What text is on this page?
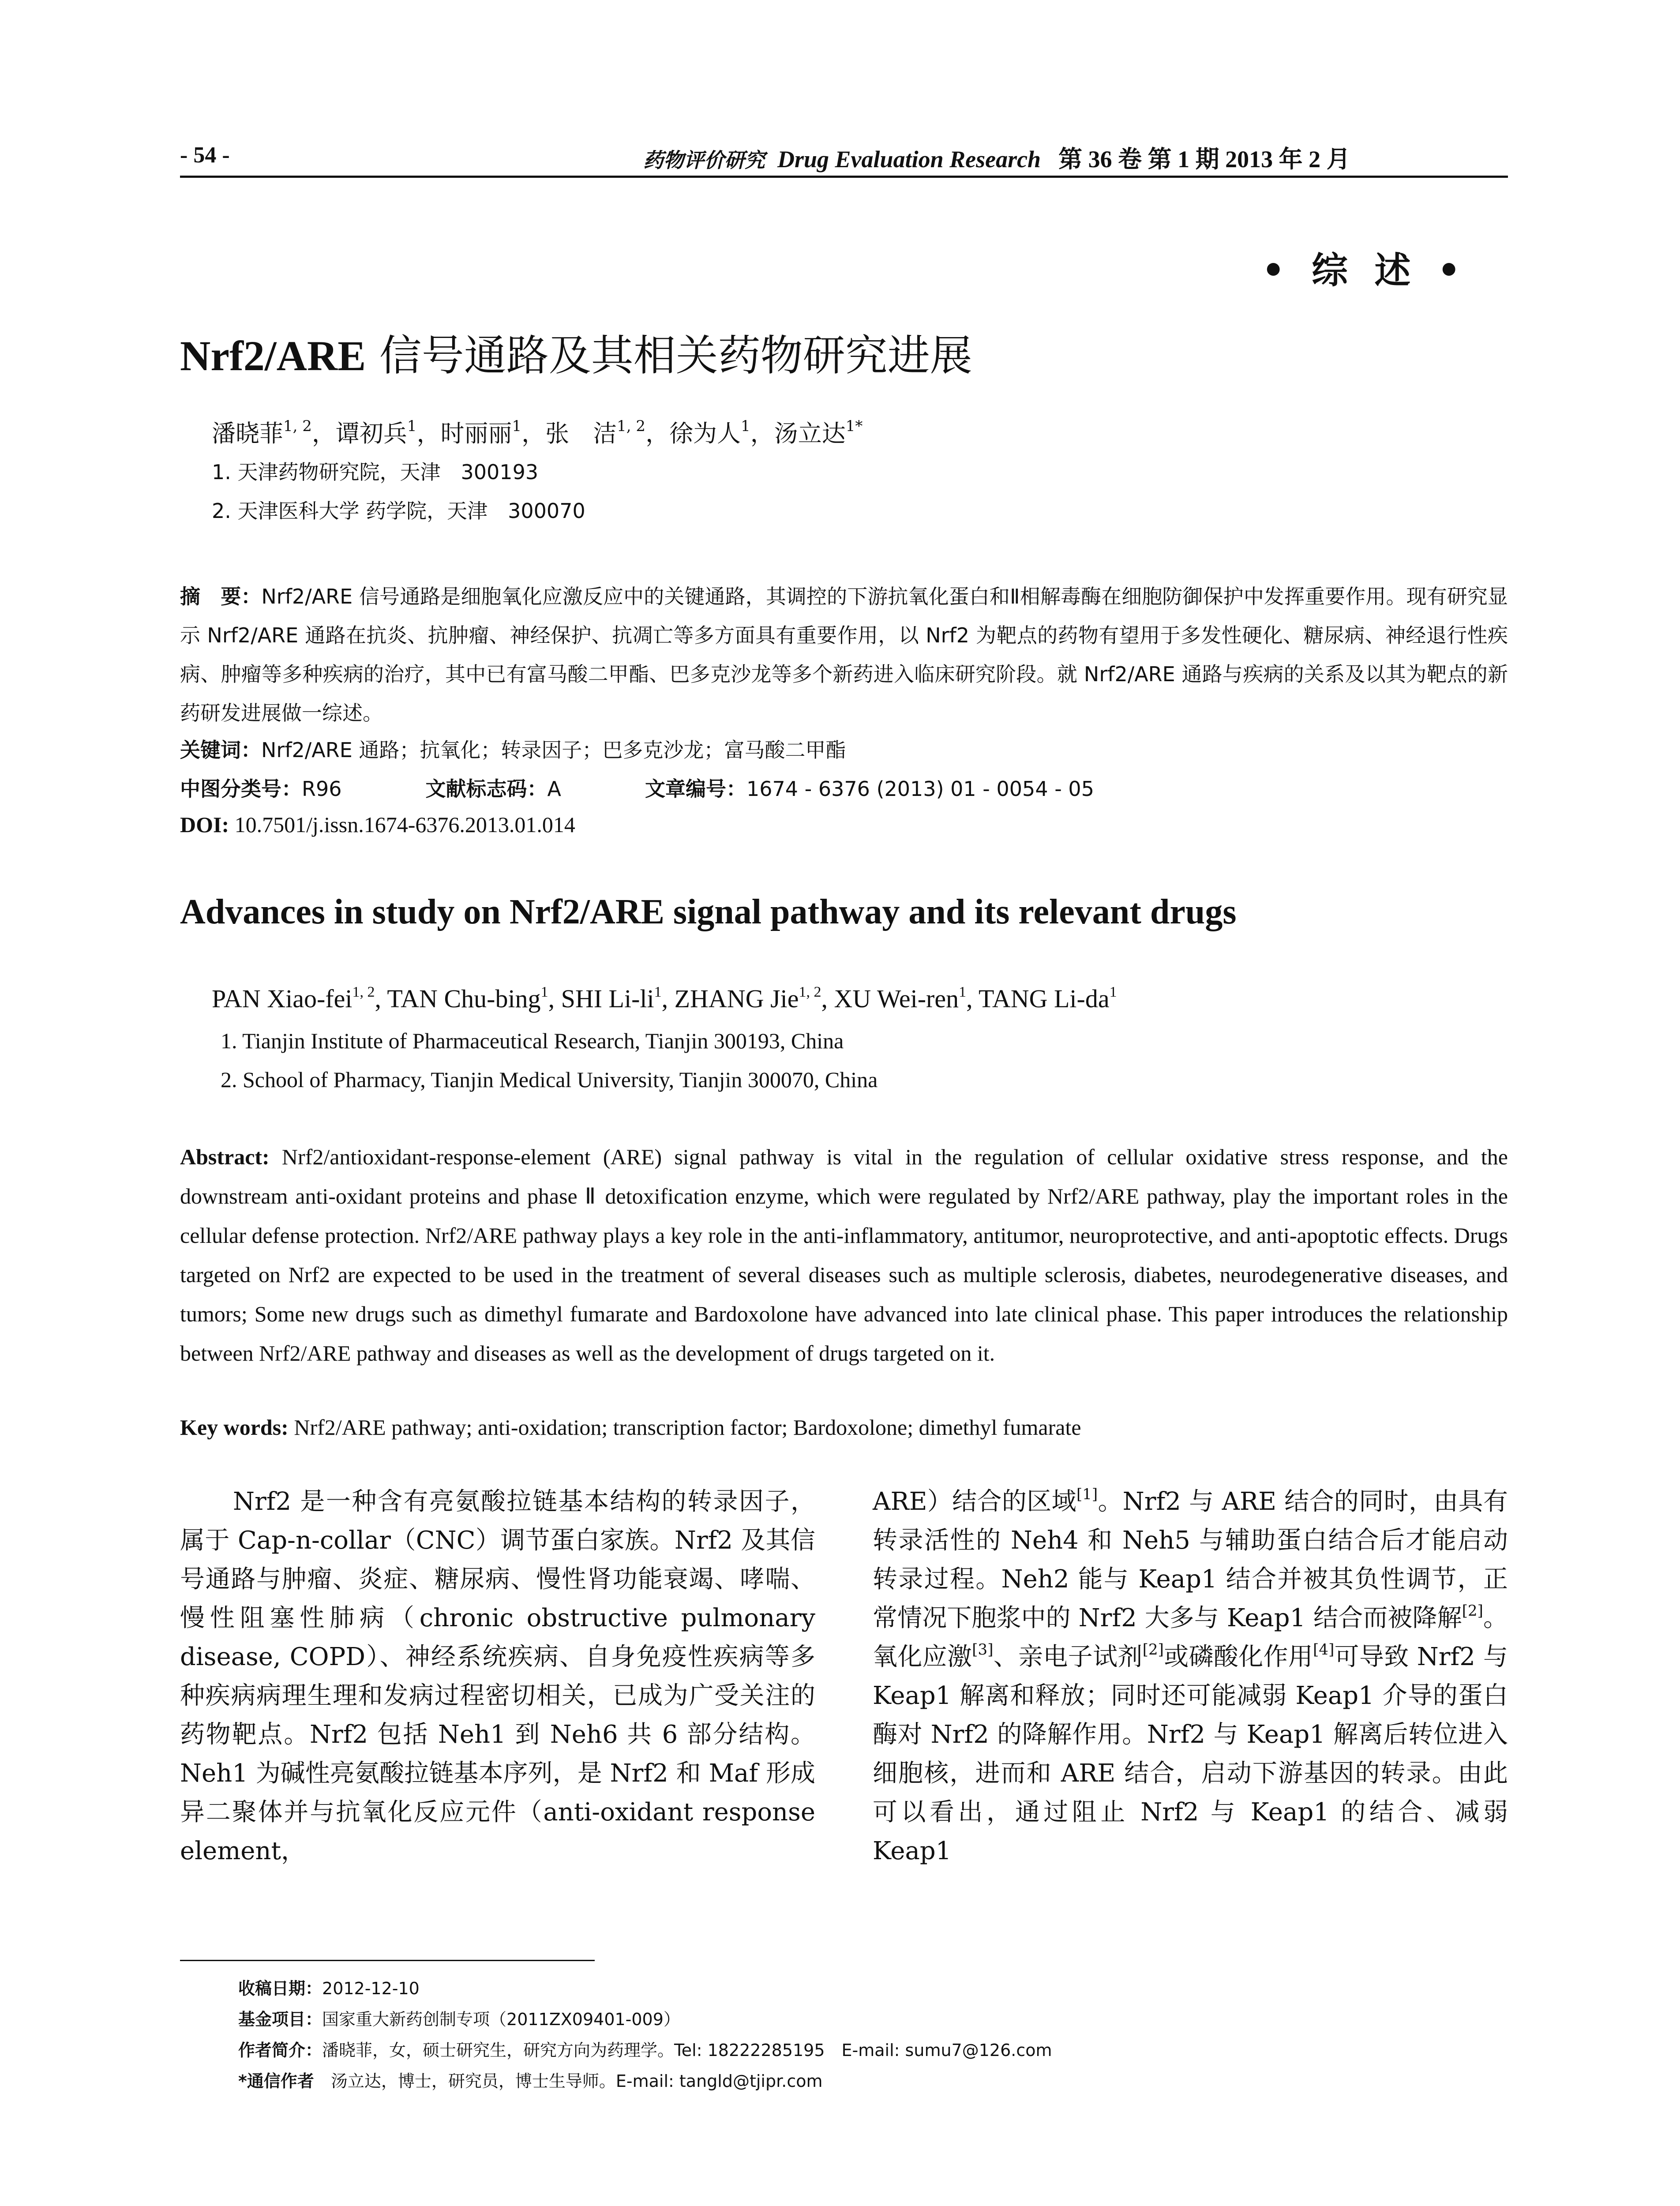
- 54 -	药物评价研究 Drug Evaluation Research 第 36 卷 第 1 期 2013 年 2 月
• 综 述 •
Nrf2/ARE 信号通路及其相关药物研究进展
潘晓菲$^{1, 2}$，谭初兵$^1$，时丽丽$^1$，张　洁$^{1, 2}$，徐为人$^1$，汤立达$^{1*}$
1. 天津药物研究院，天津　300193
2. 天津医科大学 药学院，天津　300070
摘　要：Nrf2/ARE 信号通路是细胞氧化应激反应中的关键通路，其调控的下游抗氧化蛋白和Ⅱ相解毒酶在细胞防御保护中发挥重要作用。现有研究显示 Nrf2/ARE 通路在抗炎、抗肿瘤、神经保护、抗凋亡等多方面具有重要作用，以 Nrf2 为靶点的药物有望用于多发性硬化、糖尿病、神经退行性疾病、肿瘤等多种疾病的治疗，其中已有富马酸二甲酯、巴多克沙龙等多个新药进入临床研究阶段。就 Nrf2/ARE 通路与疾病的关系及以其为靶点的新药研发进展做一综述。
关键词：Nrf2/ARE 通路；抗氧化；转录因子；巴多克沙龙；富马酸二甲酯
中图分类号：R96	文献标志码：A	文章编号：1674 - 6376 (2013) 01 - 0054 - 05
DOI: 10.7501/j.issn.1674-6376.2013.01.014
Advances in study on Nrf2/ARE signal pathway and its relevant drugs
PAN Xiao-fei$^{1, 2}$, TAN Chu-bing$^1$, SHI $Li-li^1$, ZHANG Jie$^{1, 2}$, XU Wei-ren$^1$, TANG $Li-da^1$
1. Tianjin Institute of Pharmaceutical Research, Tianjin 300193, China
2. School of Pharmacy, Tianjin Medical University, Tianjin 300070, China
Abstract: Nrf2/antioxidant-response-element (ARE) signal pathway is vital in the regulation of cellular oxidative stress response, and the downstream anti-oxidant proteins and phase Ⅱ detoxification enzyme, which were regulated by Nrf2/ARE pathway, play the important roles in the cellular defense protection. Nrf2/ARE pathway plays a key role in the anti-inflammatory, antitumor, neuroprotective, and anti-apoptotic effects. Drugs targeted on Nrf2 are expected to be used in the treatment of several diseases such as multiple sclerosis, diabetes, neurodegenerative diseases, and tumors; Some new drugs such as dimethyl fumarate and Bardoxolone have advanced into late clinical phase. This paper introduces the relationship between Nrf2/ARE pathway and diseases as well as the development of drugs targeted on it.
Key words: Nrf2/ARE pathway; anti-oxidation; transcription factor; Bardoxolone; dimethyl fumarate
Nrf2 是一种含有亮氨酸拉链基本结构的转录因子，属于 Cap-n-collar（CNC）调节蛋白家族。Nrf2 及其信号通路与肿瘤、炎症、糖尿病、慢性肾功能衰竭、哮喘、慢性阻塞性肺病（chronic obstructive pulmonary disease, COPD）、神经系统疾病、自身免疫性疾病等多种疾病病理生理和发病过程密切相关，已成为广受关注的药物靶点。Nrf2 包括 Neh1 到 Neh6 共 6 部分结构。Neh1 为碱性亮氨酸拉链基本序列，是 Nrf2 和 Maf 形成异二聚体并与抗氧化反应元件（anti-oxidant response element，
ARE）结合的区域[1]。Nrf2 与 ARE 结合的同时，由具有转录活性的 Neh4 和 Neh5 与辅助蛋白结合后才能启动转录过程。Neh2 能与 Keap1 结合并被其负性调节，正常情况下胞浆中的 Nrf2 大多与 Keap1 结合而被降解[2]。氧化应激[3]、亲电子试剂[2]或磷酸化作用[4]可导致 Nrf2 与 Keap1 解离和释放；同时还可能减弱 Keap1 介导的蛋白酶对 Nrf2 的降解作用。Nrf2 与 Keap1 解离后转位进入细胞核，进而和 ARE 结合，启动下游基因的转录。由此可以看出，通过阻止 Nrf2 与 Keap1 的结合、减弱 Keap1
收稿日期：2012-12-10
基金项目：国家重大新药创制专项（2011ZX09401-009）
作者简介：潘晓菲，女，硕士研究生，研究方向为药理学。Tel: 18222285195　E-mail: sumu7@126.com
*通信作者　汤立达，博士，研究员，博士生导师。E-mail: tangld@tjipr.com
